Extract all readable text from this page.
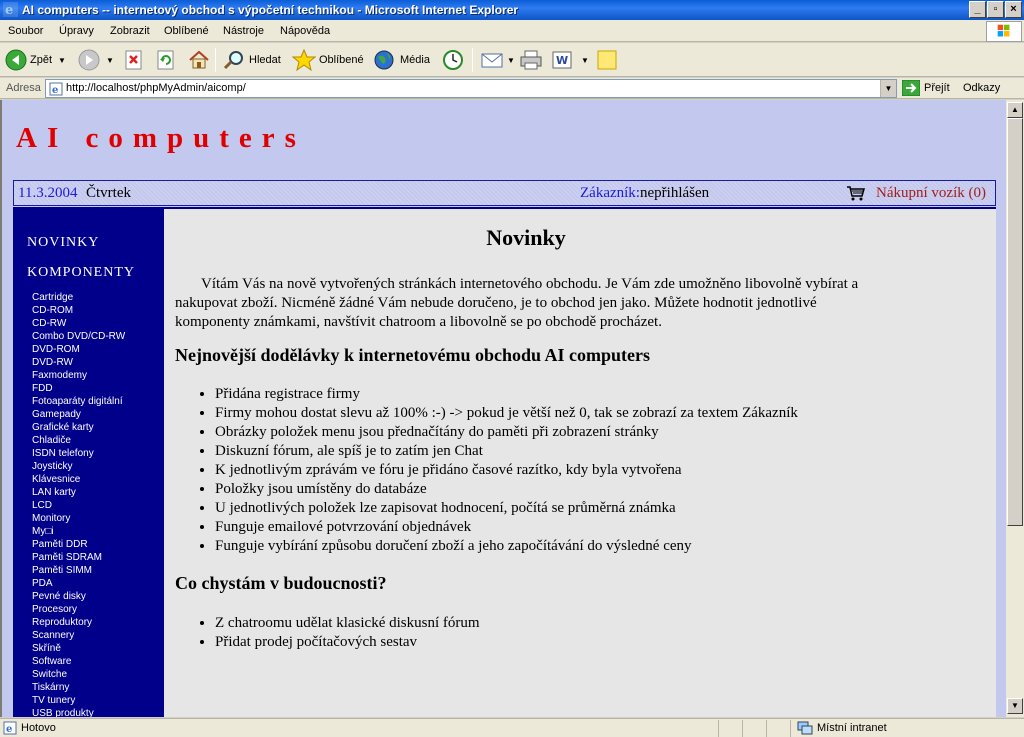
e AI computers -- internetový obchod s výpočetní technikou - Microsoft Internet Explorer	_	▫	×
Soubor Úpravy Zobrazit Oblíbené Nástroje Nápověda
Zpět ▼	▼	Hledat	Oblíbené	Média	▼	W ▼
Adresa e http://localhost/phpMyAdmin/aicomp/	▼	Přejít Odkazy
AI computers
11.3.2004 Čtvrtek	Zákazník: nepřihlášen	Nákupní vozík (0)
NOVINKY
KOMPONENTY
Cartridge
CD-ROM
CD-RW
Combo DVD/CD-RW
DVD-ROM
DVD-RW
Faxmodemy
FDD
Fotoaparáty digitální
Gamepady
Grafické karty
Chladiče
ISDN telefony
Joysticky
Klávesnice
LAN karty
LCD
Monitory
My□i
Paměti DDR
Paměti SDRAM
Paměti SIMM
PDA
Pevné disky
Procesory
Reproduktory
Scannery
Skříně
Software
Switche
Tiskárny
TV tunery
USB produkty
Novinky

Vítám Vás na nově vytvořených stránkách internetového obchodu. Je Vám zde umožněno libovolně vybírat a nakupovat zboží. Nicméně žádné Vám nebude doručeno, je to obchod jen jako. Můžete hodnotit jednotlivé komponenty známkami, navštívit chatroom a libovolně se po obchodě procházet.

Nejnovější dodělávky k internetovému obchodu AI computers
• Přidána registrace firmy
• Firmy mohou dostat slevu až 100% :-) -> pokud je větší než 0, tak se zobrazí za textem Zákazník
• Obrázky položek menu jsou přednačítány do paměti při zobrazení stránky
• Diskuzní fórum, ale spíš je to zatím jen Chat
• K jednotlivým zprávám ve fóru je přidáno časové razítko, kdy byla vytvořena
• Položky jsou umístěny do databáze
• U jednotlivých položek lze zapisovat hodnocení, počítá se průměrná známka
• Funguje emailové potvrzování objednávek
• Funguje vybírání způsobu doručení zboží a jeho započítávání do výsledné ceny
Co chystám v budoucnosti?
• Z chatroomu udělat klasické diskusní fórum
• Přidat prodej počítačových sestav
▲
▼
e Hotovo	Místní intranet
